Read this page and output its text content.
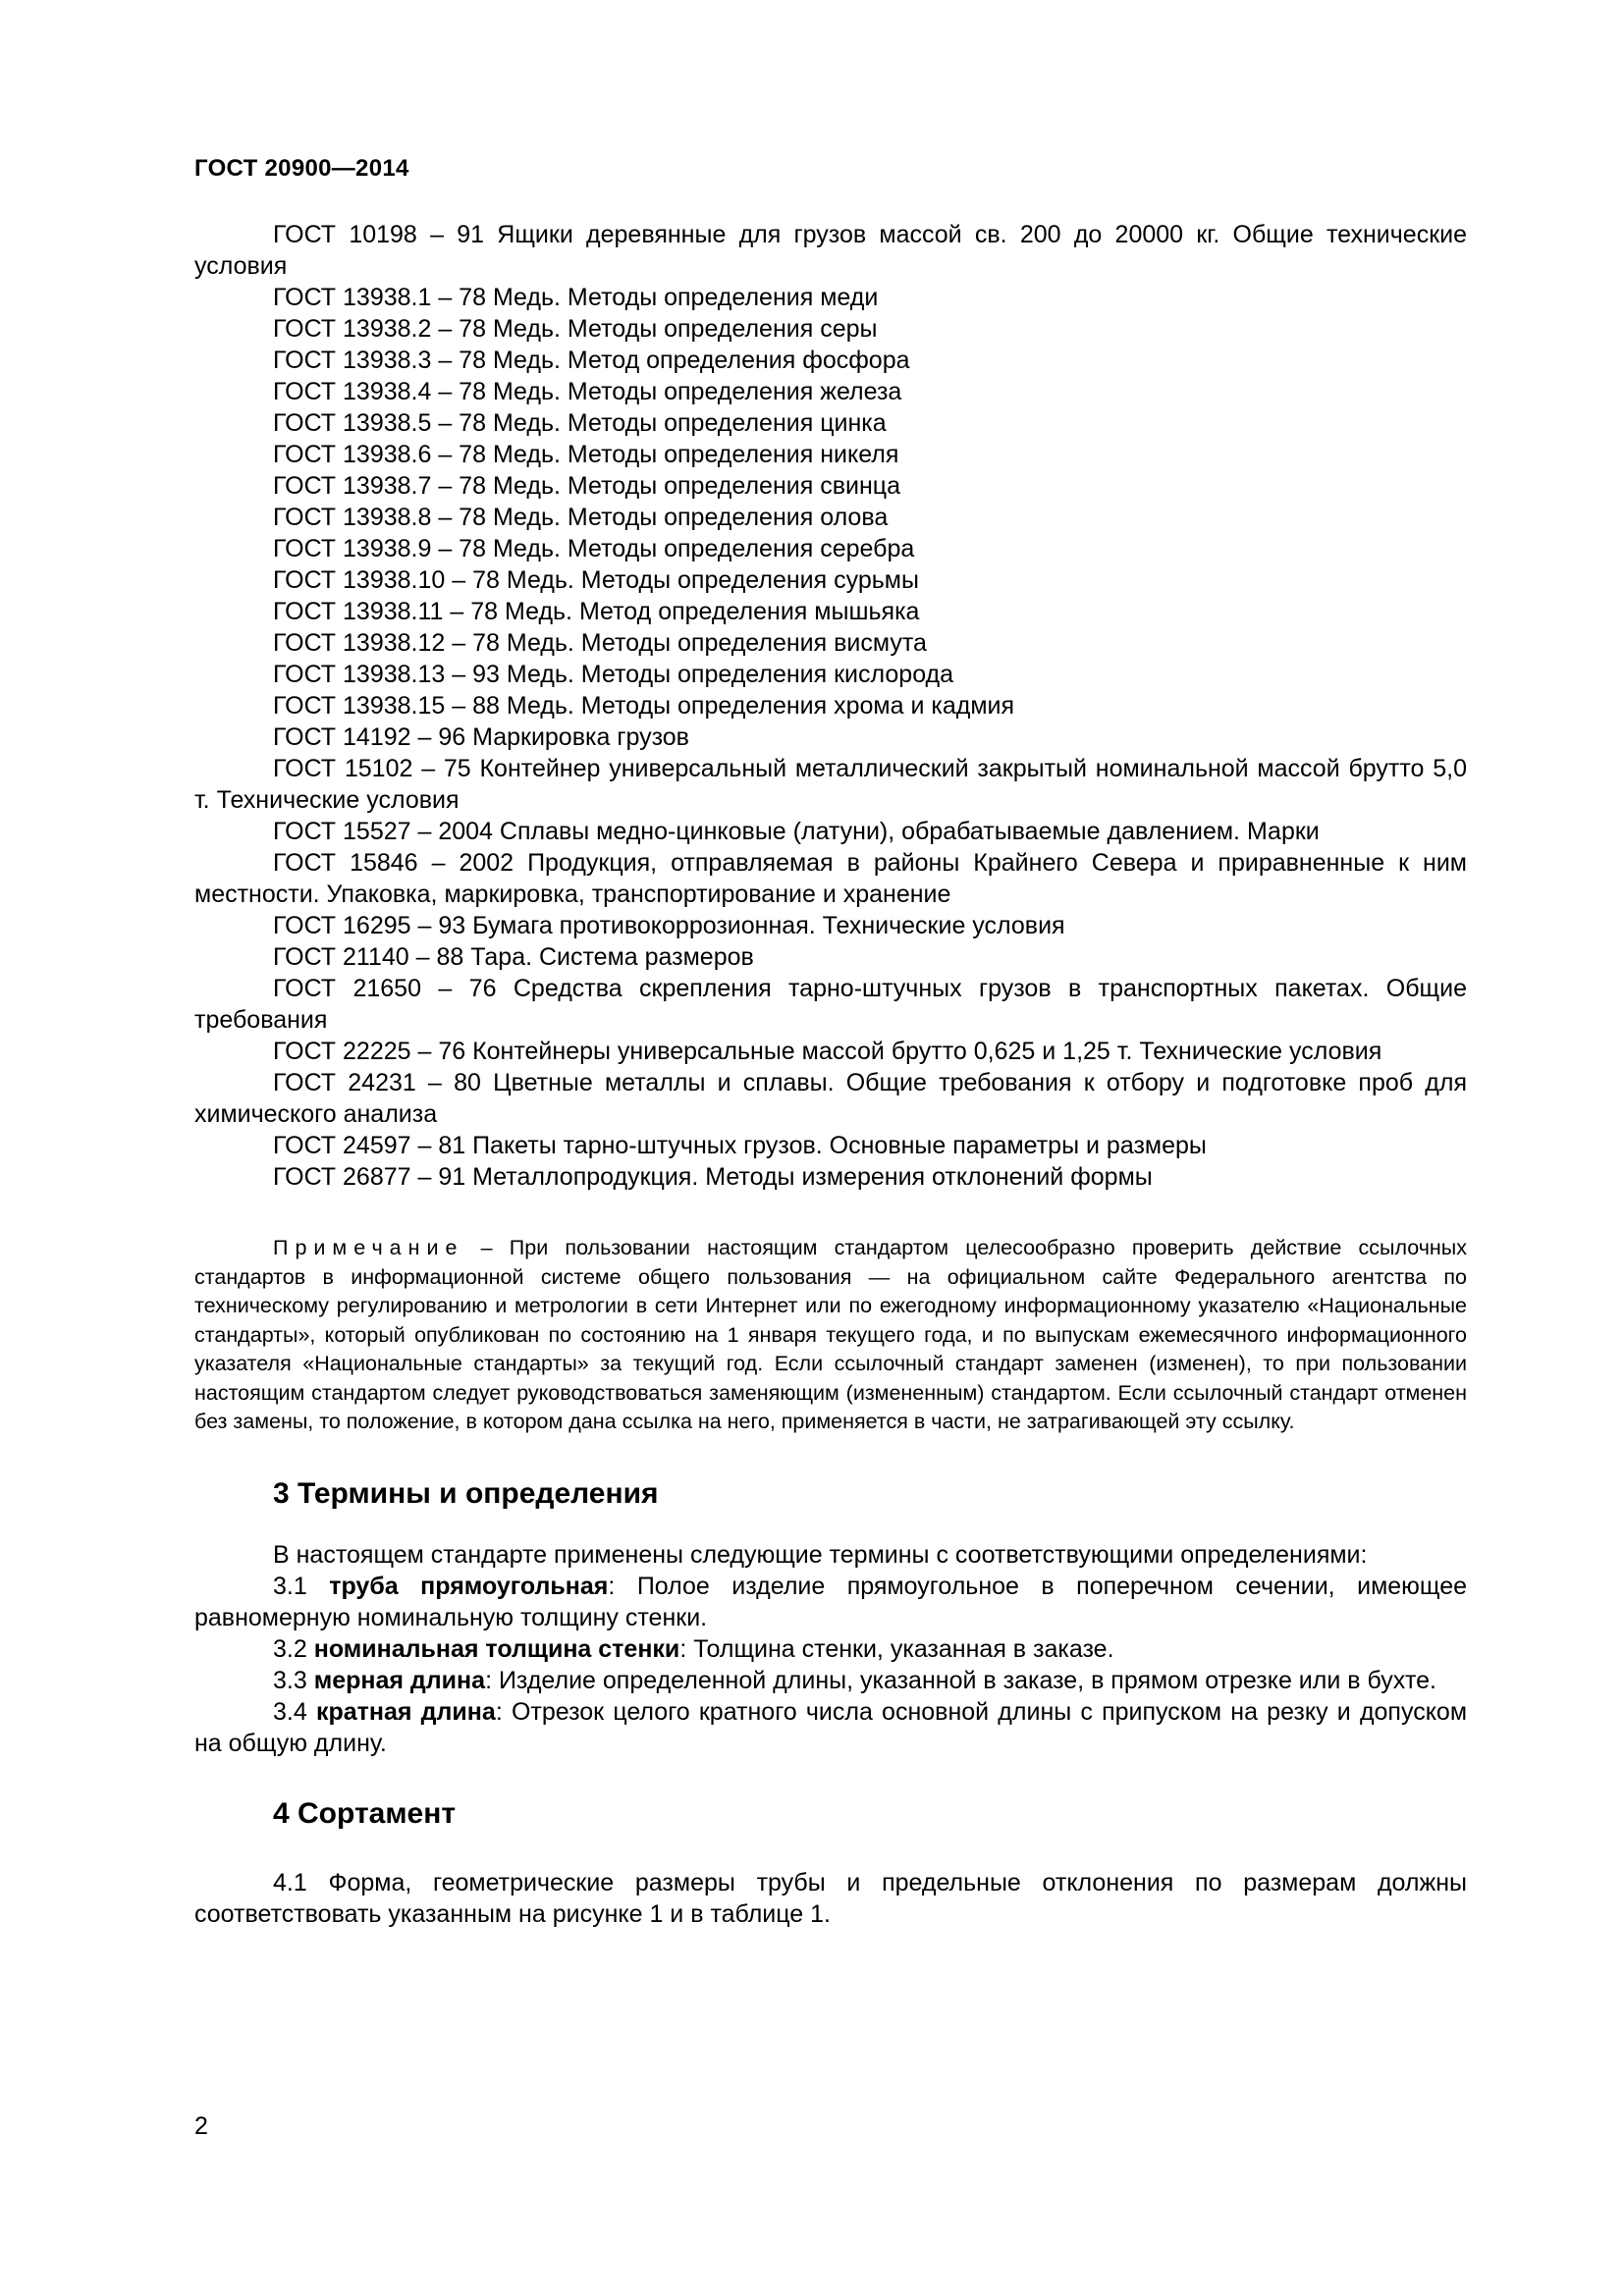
ГОСТ 20900—2014

ГОСТ 10198 – 91 Ящики деревянные для грузов массой св. 200 до 20000 кг. Общие технические условия

ГОСТ 13938.1 – 78 Медь. Методы определения меди

ГОСТ 13938.2 – 78 Медь. Методы определения серы

ГОСТ 13938.3 – 78 Медь. Метод определения фосфора

ГОСТ 13938.4 – 78 Медь. Методы определения железа

ГОСТ 13938.5 – 78 Медь. Методы определения цинка

ГОСТ 13938.6 – 78 Медь. Методы определения никеля

ГОСТ 13938.7 – 78 Медь. Методы определения свинца

ГОСТ 13938.8 – 78 Медь. Методы определения олова

ГОСТ 13938.9 – 78 Медь. Методы определения серебра

ГОСТ 13938.10 – 78 Медь. Методы определения сурьмы

ГОСТ 13938.11 – 78 Медь. Метод определения мышьяка

ГОСТ 13938.12 – 78 Медь. Методы определения висмута

ГОСТ 13938.13 – 93 Медь. Методы определения кислорода

ГОСТ 13938.15 – 88 Медь. Методы определения хрома и кадмия

ГОСТ 14192 – 96 Маркировка грузов

ГОСТ 15102 – 75 Контейнер универсальный металлический закрытый номинальной массой брутто 5,0 т. Технические условия

ГОСТ 15527 – 2004 Сплавы медно-цинковые (латуни), обрабатываемые давлением. Марки

ГОСТ 15846 – 2002 Продукция, отправляемая в районы Крайнего Севера и приравненные к ним местности. Упаковка, маркировка, транспортирование и хранение

ГОСТ 16295 – 93 Бумага противокоррозионная. Технические условия

ГОСТ 21140 – 88 Тара. Система размеров

ГОСТ 21650 – 76 Средства скрепления тарно-штучных грузов в транспортных пакетах. Общие требования

ГОСТ 22225 – 76 Контейнеры универсальные массой брутто 0,625 и 1,25 т. Технические условия

ГОСТ 24231 – 80 Цветные металлы и сплавы. Общие требования к отбору и подготовке проб для химического анализа

ГОСТ 24597 – 81 Пакеты тарно-штучных грузов. Основные параметры и размеры

ГОСТ 26877 – 91 Металлопродукция. Методы измерения отклонений формы

Примечание – При пользовании настоящим стандартом целесообразно проверить действие ссылочных стандартов в информационной системе общего пользования — на официальном сайте Федерального агентства по техническому регулированию и метрологии в сети Интернет или по ежегодному информационному указателю «Национальные стандарты», который опубликован по состоянию на 1 января текущего года, и по выпускам ежемесячного информационного указателя «Национальные стандарты» за текущий год. Если ссылочный стандарт заменен (изменен), то при пользовании настоящим стандартом следует руководствоваться заменяющим (измененным) стандартом. Если ссылочный стандарт отменен без замены, то положение, в котором дана ссылка на него, применяется в части, не затрагивающей эту ссылку.

3 Термины и определения

В настоящем стандарте применены следующие термины с соответствующими определениями:

3.1 труба прямоугольная: Полое изделие прямоугольное в поперечном сечении, имеющее равномерную номинальную толщину стенки.

3.2 номинальная толщина стенки: Толщина стенки, указанная в заказе.

3.3 мерная длина: Изделие определенной длины, указанной в заказе, в прямом отрезке или в бухте.

3.4 кратная длина: Отрезок целого кратного числа основной длины с припуском на резку и допуском на общую длину.

4 Сортамент

4.1 Форма, геометрические размеры трубы и предельные отклонения по размерам должны соответствовать указанным на рисунке 1 и в таблице 1.

2
